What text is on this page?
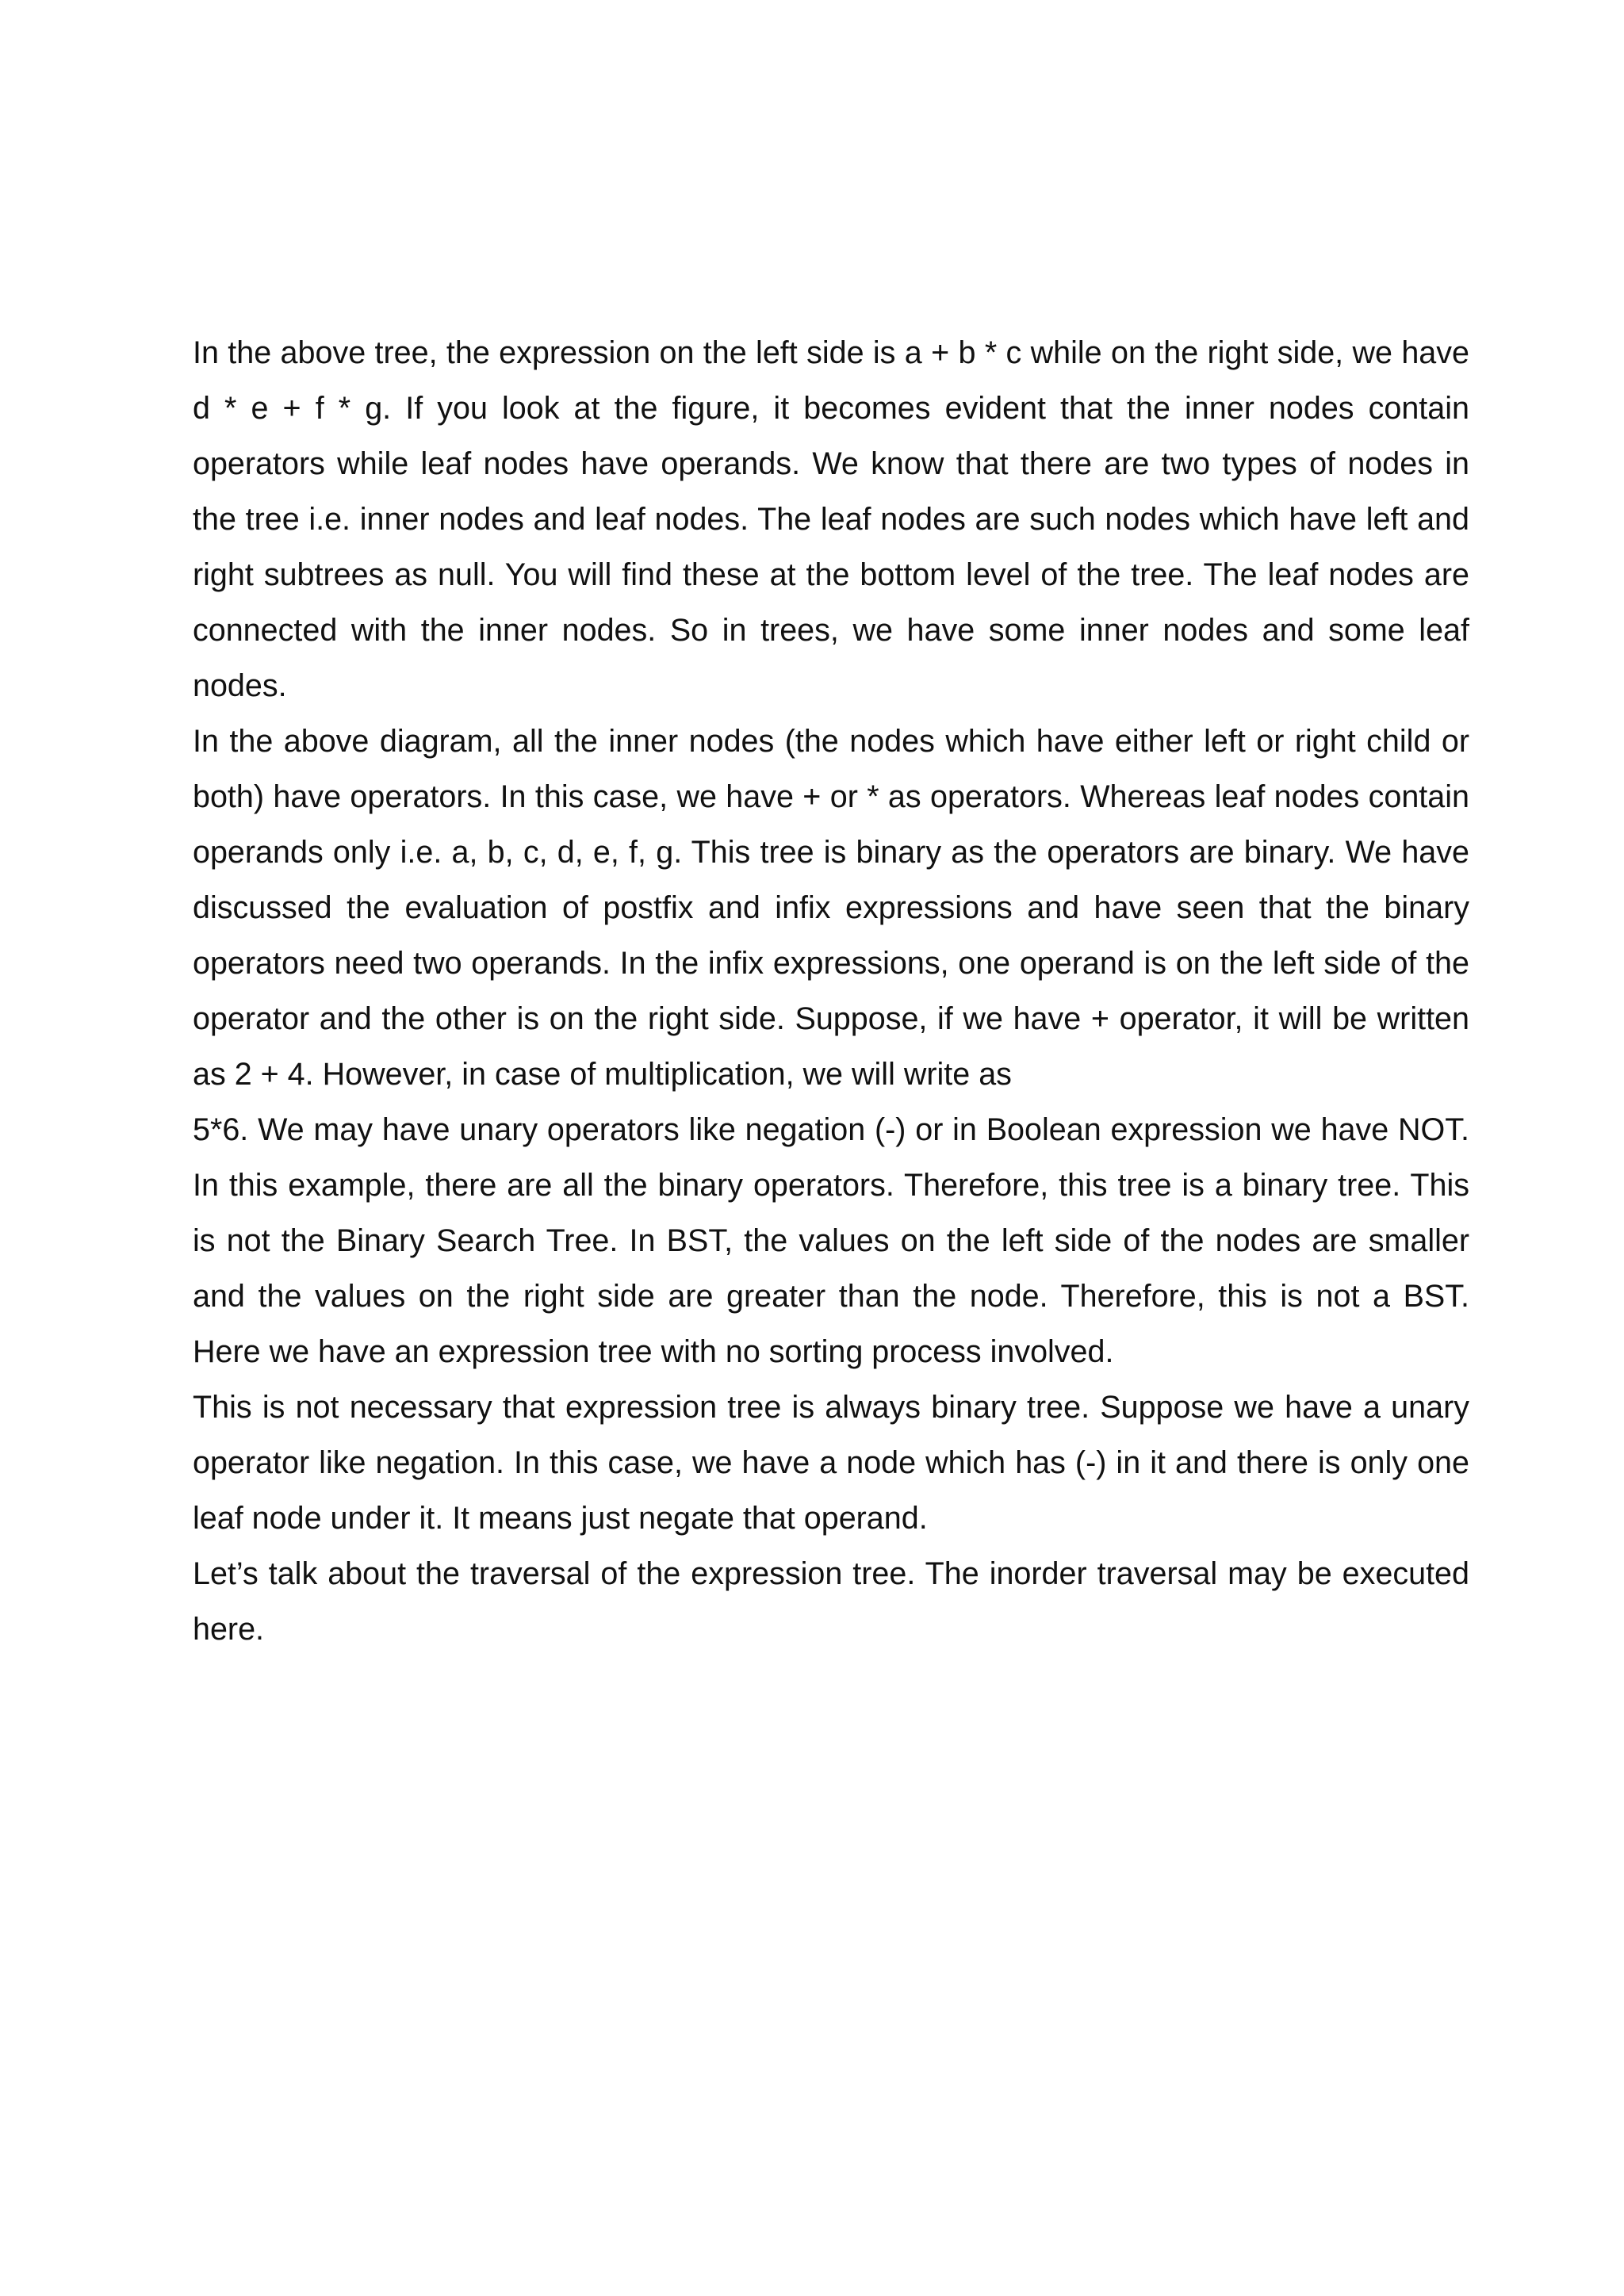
In the above tree, the expression on the left side is a + b * c while on the right side, we have d * e + f * g. If you look at the figure, it becomes evident that the inner nodes contain operators while leaf nodes have operands. We know that there are two types of nodes in the tree i.e. inner nodes and leaf nodes. The leaf nodes are such nodes which have left and right subtrees as null. You will find these at the bottom level of the tree. The leaf nodes are connected with the inner nodes. So in trees, we have some inner nodes and some leaf nodes.

In the above diagram, all the inner nodes (the nodes which have either left or right child or both) have operators. In this case, we have + or * as operators. Whereas leaf nodes contain operands only i.e. a, b, c, d, e, f, g. This tree is binary as the operators are binary. We have discussed the evaluation of postfix and infix expressions and have seen that the binary operators need two operands. In the infix expressions, one operand is on the left side of the operator and the other is on the right side. Suppose, if we have + operator, it will be written as 2 + 4. However, in case of multiplication, we will write as

5*6. We may have unary operators like negation (-) or in Boolean expression we have NOT. In this example, there are all the binary operators. Therefore, this tree is a binary tree. This is not the Binary Search Tree. In BST, the values on the left side of the nodes are smaller and the values on the right side are greater than the node. Therefore, this is not a BST. Here we have an expression tree with no sorting process involved.

This is not necessary that expression tree is always binary tree. Suppose we have a unary operator like negation. In this case, we have a node which has (-) in it and there is only one leaf node under it. It means just negate that operand.

Let’s talk about the traversal of the expression tree. The inorder traversal may be executed here.
